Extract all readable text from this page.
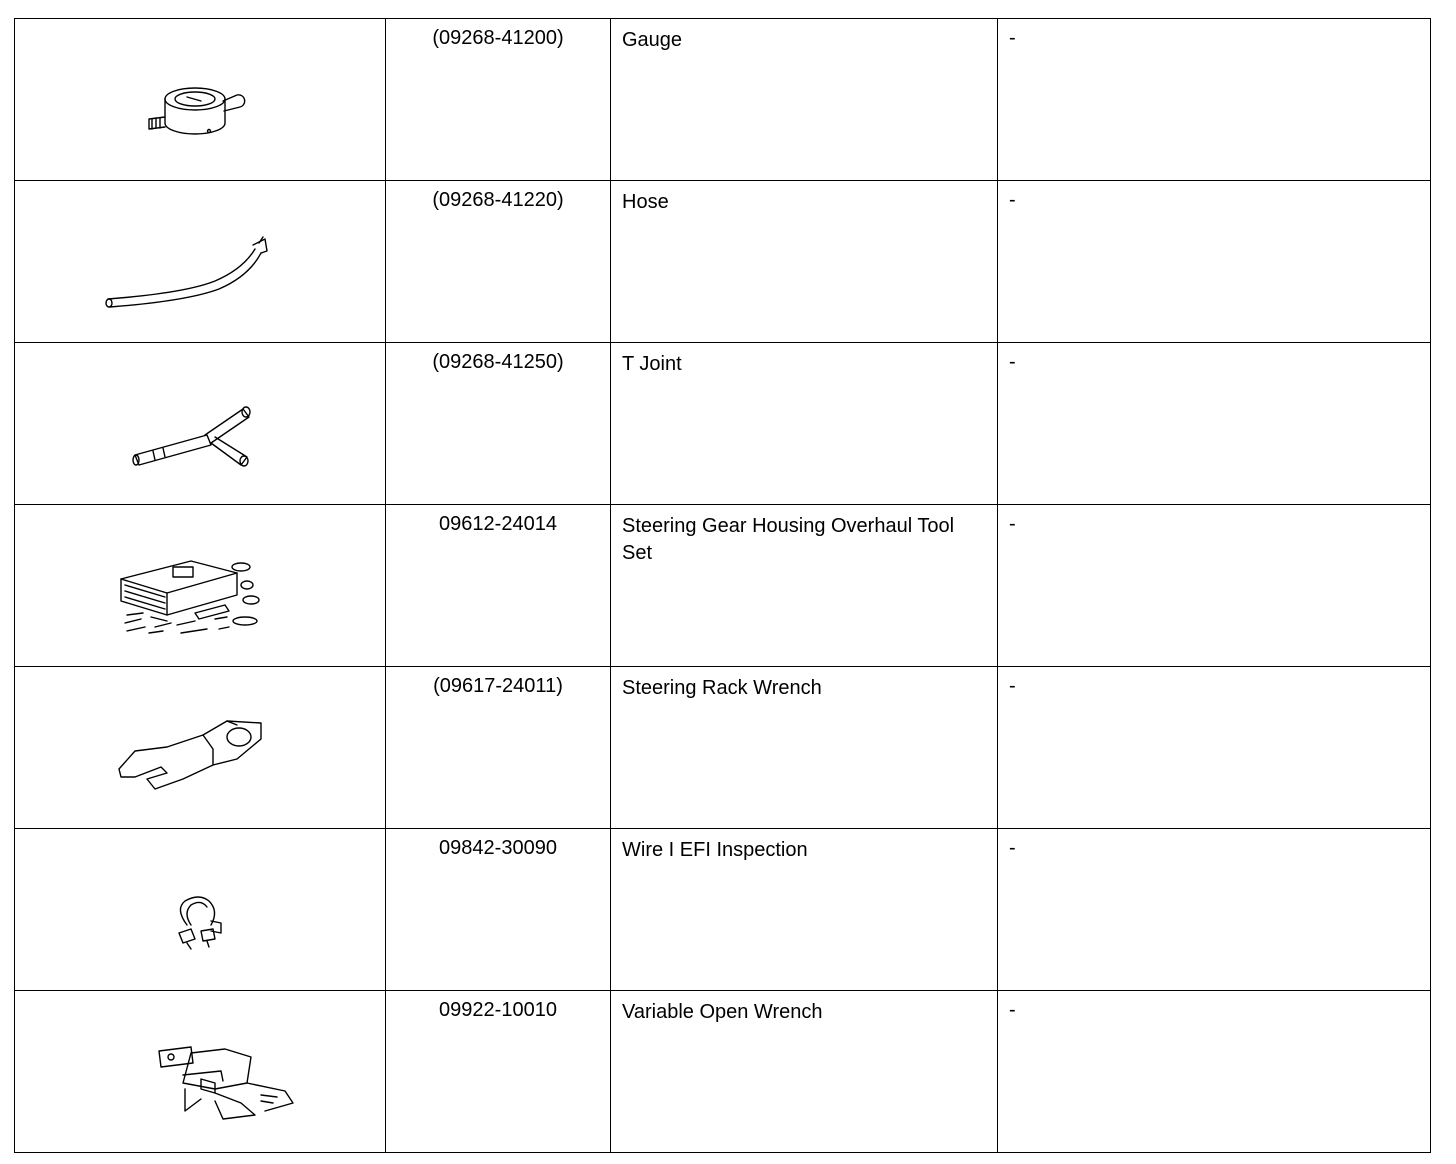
(09268-41200)	Gauge	-

(09268-41220)	Hose	-

(09268-41250)	T Joint	-

09612-24014	Steering Gear Housing Overhaul Tool Set	-

(09617-24011)	Steering Rack Wrench	-

09842-30090	Wire I EFI Inspection	-

09922-10010	Variable Open Wrench	-
